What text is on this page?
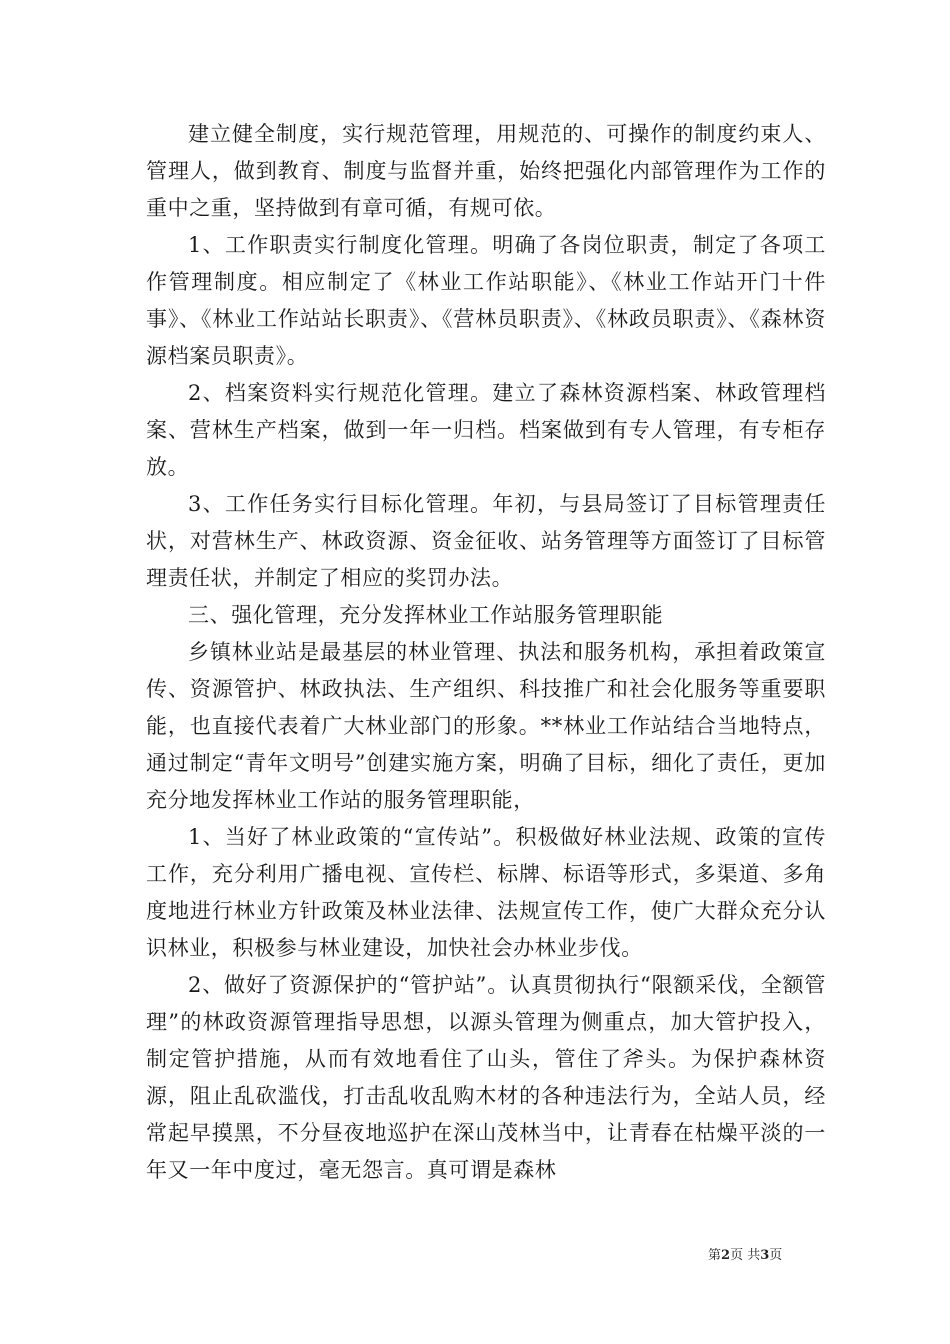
建立健全制度，实行规范管理，用规范的、可操作的制度约束人、管理人，做到教育、制度与监督并重，始终把强化内部管理作为工作的重中之重，坚持做到有章可循，有规可依。

1、工作职责实行制度化管理。明确了各岗位职责，制定了各项工作管理制度。相应制定了《林业工作站职能》、《林业工作站开门十件事》、《林业工作站站长职责》、《营林员职责》、《林政员职责》、《森林资源档案员职责》。

2、档案资料实行规范化管理。建立了森林资源档案、林政管理档案、营林生产档案，做到一年一归档。档案做到有专人管理，有专柜存放。

3、工作任务实行目标化管理。年初，与县局签订了目标管理责任状，对营林生产、林政资源、资金征收、站务管理等方面签订了目标管理责任状，并制定了相应的奖罚办法。

三、强化管理，充分发挥林业工作站服务管理职能

乡镇林业站是最基层的林业管理、执法和服务机构，承担着政策宣传、资源管护、林政执法、生产组织、科技推广和社会化服务等重要职能，也直接代表着广大林业部门的形象。**林业工作站结合当地特点，通过制定“青年文明号”创建实施方案，明确了目标，细化了责任，更加充分地发挥林业工作站的服务管理职能，

1、当好了林业政策的“宣传站”。积极做好林业法规、政策的宣传工作，充分利用广播电视、宣传栏、标牌、标语等形式，多渠道、多角度地进行林业方针政策及林业法律、法规宣传工作，使广大群众充分认识林业，积极参与林业建设，加快社会办林业步伐。

2、做好了资源保护的“管护站”。认真贯彻执行“限额采伐，全额管理”的林政资源管理指导思想，以源头管理为侧重点，加大管护投入，制定管护措施，从而有效地看住了山头，管住了斧头。为保护森林资源，阻止乱砍滥伐，打击乱收乱购木材的各种违法行为，全站人员，经常起早摸黑，不分昼夜地巡护在深山茂林当中，让青春在枯燥平淡的一年又一年中度过，毫无怨言。真可谓是森林

第2页 共3页
